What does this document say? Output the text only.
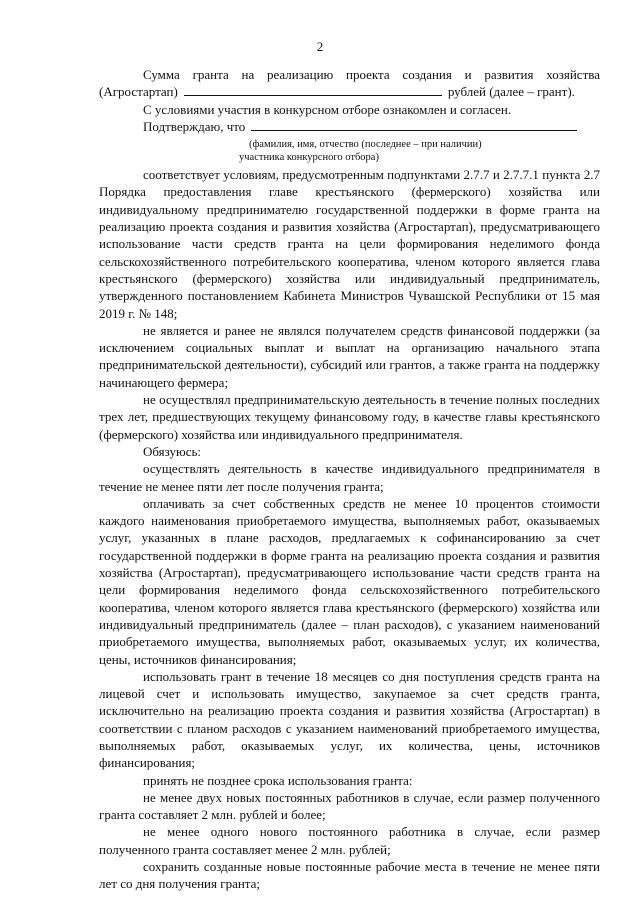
2

Сумма гранта на реализацию проекта создания и развития хозяйства

(Агростартап)	рублей (далее – грант).

С условиями участия в конкурсном отборе ознакомлен и согласен.

Подтверждаю, что

(фамилия, имя, отчество (последнее – при наличии)

участника конкурсного отбора)

соответствует условиям, предусмотренным подпунктами 2.7.7 и 2.7.7.1 пункта 2.7 Порядка предоставления главе крестьянского (фермерского) хозяйства или индивидуальному предпринимателю государственной поддержки в форме гранта на реализацию проекта создания и развития хозяйства (Агростартап), предусматривающего использование части средств гранта на цели формирования неделимого фонда сельскохозяйственного потребительского кооператива, членом которого является глава крестьянского (фермерского) хозяйства или индивидуальный предприниматель, утвержденного постановлением Кабинета Министров Чувашской Республики от 15 мая 2019 г. № 148;

не является и ранее не являлся получателем средств финансовой поддержки (за исключением социальных выплат и выплат на организацию начального этапа предпринимательской деятельности), субсидий или грантов, а также гранта на поддержку начинающего фермера;

не осуществлял предпринимательскую деятельность в течение полных последних трех лет, предшествующих текущему финансовому году, в качестве главы крестьянского (фермерского) хозяйства или индивидуального предпринимателя.

Обязуюсь:

осуществлять деятельность в качестве индивидуального предпринимателя в течение не менее пяти лет после получения гранта;

оплачивать за счет собственных средств не менее 10 процентов стоимости каждого наименования приобретаемого имущества, выполняемых работ, оказываемых услуг, указанных в плане расходов, предлагаемых к софинансированию за счет государственной поддержки в форме гранта на реализацию проекта создания и развития хозяйства (Агростартап), предусматривающего использование части средств гранта на цели формирования неделимого фонда сельскохозяйственного потребительского кооператива, членом которого является глава крестьянского (фермерского) хозяйства или индивидуальный предприниматель (далее – план расходов), с указанием наименований приобретаемого имущества, выполняемых работ, оказываемых услуг, их количества, цены, источников финансирования;

использовать грант в течение 18 месяцев со дня поступления средств гранта на лицевой счет и использовать имущество, закупаемое за счет средств гранта, исключительно на реализацию проекта создания и развития хозяйства (Агростартап) в соответствии с планом расходов с указанием наименований приобретаемого имущества, выполняемых работ, оказываемых услуг, их количества, цены, источников финансирования;

принять не позднее срока использования гранта:

не менее двух новых постоянных работников в случае, если размер полученного гранта составляет 2 млн. рублей и более;

не менее одного нового постоянного работника в случае, если размер полученного гранта составляет менее 2 млн. рублей;

сохранить созданные новые постоянные рабочие места в течение не менее пяти лет со дня получения гранта;
